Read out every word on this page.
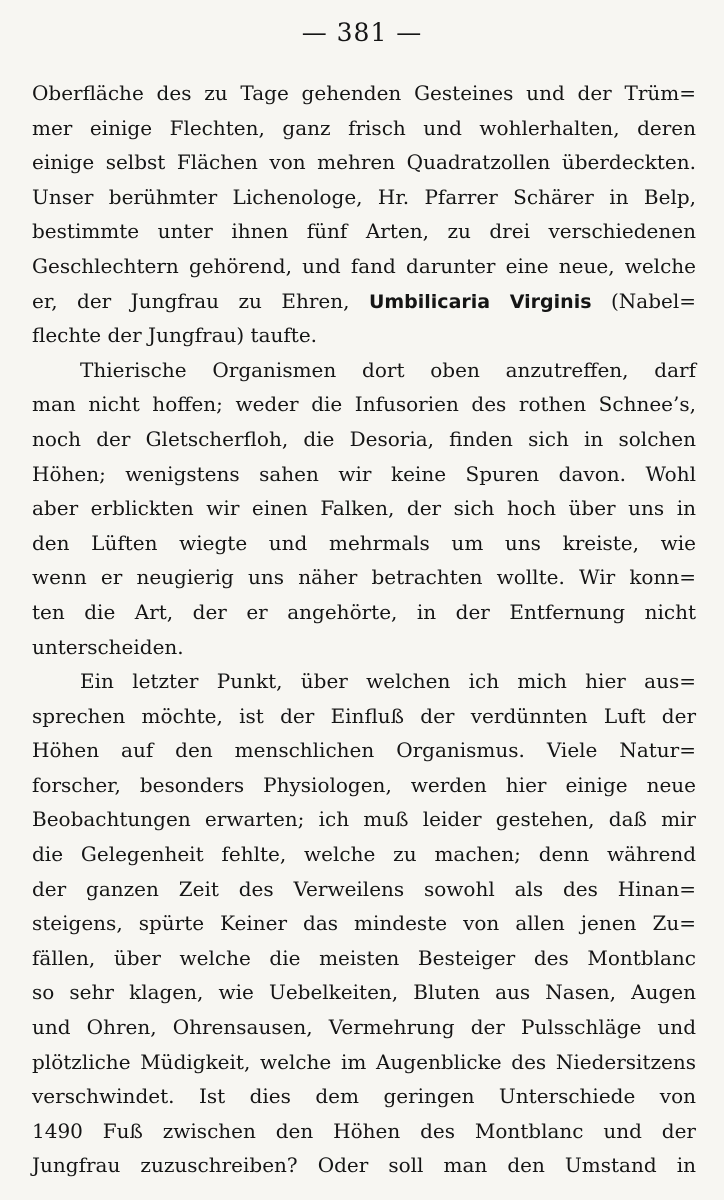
— 381 —
Oberfläche des zu Tage gehenden Gesteines und der Trüm=
mer einige Flechten, ganz frisch und wohlerhalten, deren
einige selbst Flächen von mehren Quadratzollen überdeckten.
Unser berühmter Lichenologe, Hr. Pfarrer Schärer in Belp,
bestimmte unter ihnen fünf Arten, zu drei verschiedenen
Geschlechtern gehörend, und fand darunter eine neue, welche
er, der Jungfrau zu Ehren, Umbilicaria Virginis (Nabel=
flechte der Jungfrau) taufte.
Thierische Organismen dort oben anzutreffen, darf
man nicht hoffen; weder die Infusorien des rothen Schnee’s,
noch der Gletscherfloh, die Desoria, finden sich in solchen
Höhen; wenigstens sahen wir keine Spuren davon. Wohl
aber erblickten wir einen Falken, der sich hoch über uns in
den Lüften wiegte und mehrmals um uns kreiste, wie
wenn er neugierig uns näher betrachten wollte. Wir konn=
ten die Art, der er angehörte, in der Entfernung nicht
unterscheiden.
Ein letzter Punkt, über welchen ich mich hier aus=
sprechen möchte, ist der Einfluß der verdünnten Luft der
Höhen auf den menschlichen Organismus. Viele Natur=
forscher, besonders Physiologen, werden hier einige neue
Beobachtungen erwarten; ich muß leider gestehen, daß mir
die Gelegenheit fehlte, welche zu machen; denn während
der ganzen Zeit des Verweilens sowohl als des Hinan=
steigens, spürte Keiner das mindeste von allen jenen Zu=
fällen, über welche die meisten Besteiger des Montblanc
so sehr klagen, wie Uebelkeiten, Bluten aus Nasen, Augen
und Ohren, Ohrensausen, Vermehrung der Pulsschläge und
plötzliche Müdigkeit, welche im Augenblicke des Niedersitzens
verschwindet. Ist dies dem geringen Unterschiede von
1490 Fuß zwischen den Höhen des Montblanc und der
Jungfrau zuzuschreiben? Oder soll man den Umstand in
